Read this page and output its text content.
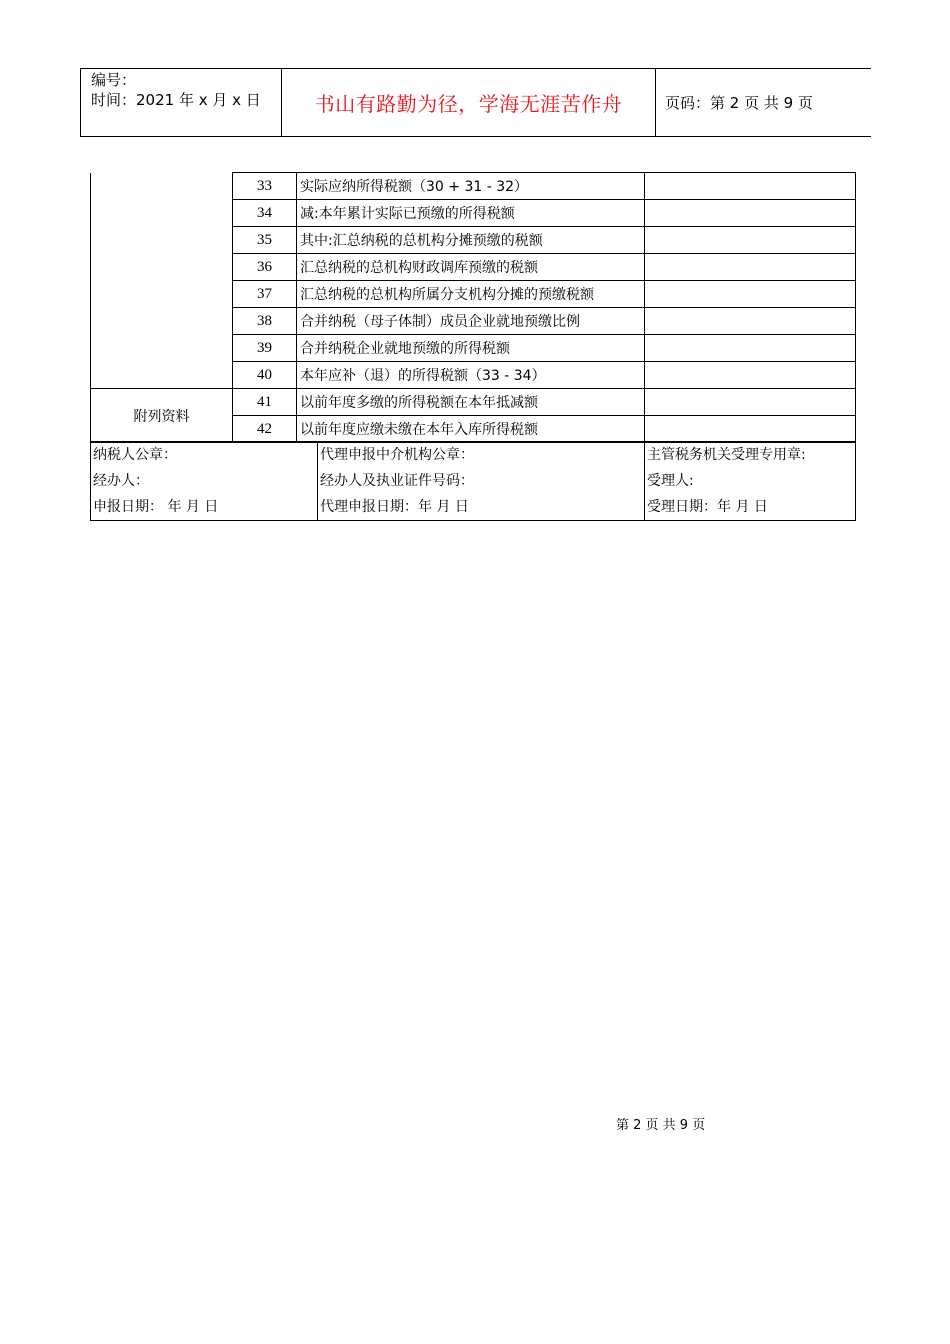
编号：
时间：2021 年 x 月 x 日	书山有路勤为径，学海无涯苦作舟	页码：第 2 页 共 9 页
	33	实际应纳所得税额（30 + 31 - 32）	
	34	减:本年累计实际已预缴的所得税额	
	35	其中:汇总纳税的总机构分摊预缴的税额	
	36	汇总纳税的总机构财政调库预缴的税额	
	37	汇总纳税的总机构所属分支机构分摊的预缴税额	
	38	合并纳税（母子体制）成员企业就地预缴比例	
	39	合并纳税企业就地预缴的所得税额	
	40	本年应补（退）的所得税额（33 - 34）	
附列资料	41	以前年度多缴的所得税额在本年抵减额	
	42	以前年度应缴未缴在本年入库所得税额	
纳税人公章：
经办人：
申报日期： 年 月 日

代理申报中介机构公章：
经办人及执业证件号码：
代理申报日期：年 月 日

主管税务机关受理专用章:
受理人:
受理日期：年 月 日
第 2 页 共 9 页
